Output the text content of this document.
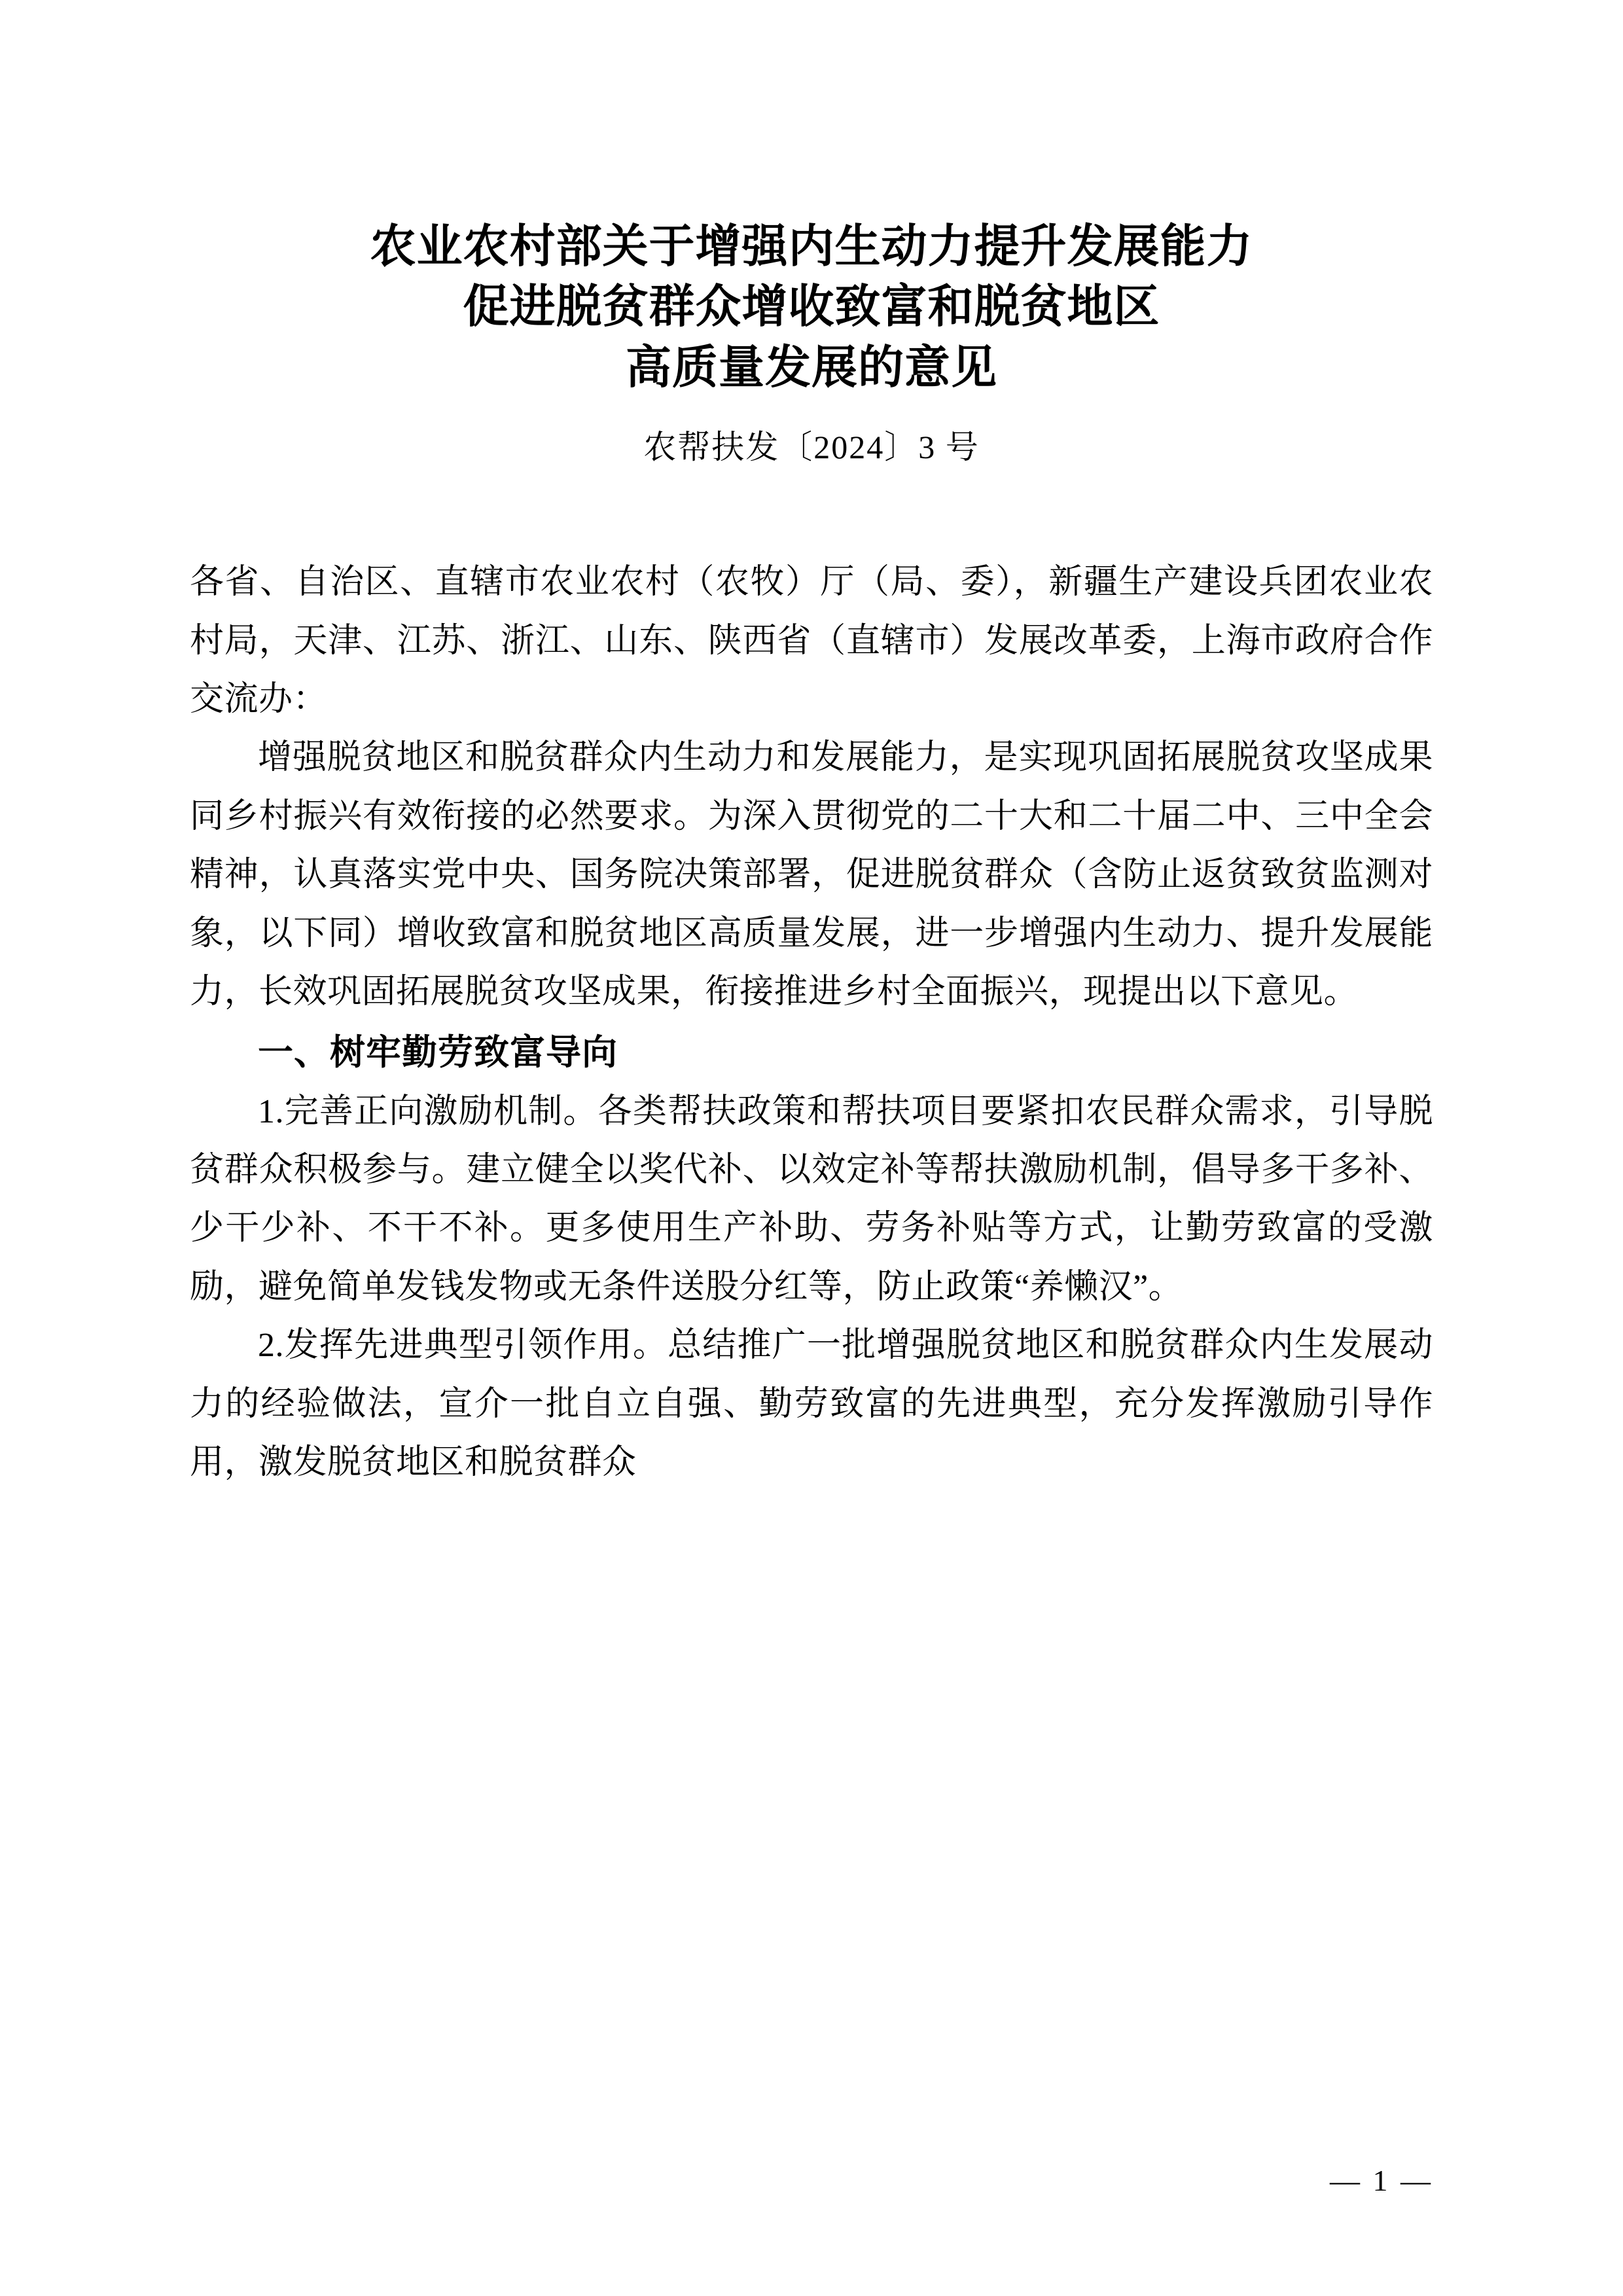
农业农村部关于增强内生动力提升发展能力
促进脱贫群众增收致富和脱贫地区
高质量发展的意见
农帮扶发〔2024〕3 号

各省、自治区、直辖市农业农村（农牧）厅（局、委），新疆生产建设兵团农业农村局，天津、江苏、浙江、山东、陕西省（直辖市）发展改革委，上海市政府合作交流办：

增强脱贫地区和脱贫群众内生动力和发展能力，是实现巩固拓展脱贫攻坚成果同乡村振兴有效衔接的必然要求。为深入贯彻党的二十大和二十届二中、三中全会精神，认真落实党中央、国务院决策部署，促进脱贫群众（含防止返贫致贫监测对象，以下同）增收致富和脱贫地区高质量发展，进一步增强内生动力、提升发展能力，长效巩固拓展脱贫攻坚成果，衔接推进乡村全面振兴，现提出以下意见。

一、树牢勤劳致富导向

1.完善正向激励机制。各类帮扶政策和帮扶项目要紧扣农民群众需求，引导脱贫群众积极参与。建立健全以奖代补、以效定补等帮扶激励机制，倡导多干多补、少干少补、不干不补。更多使用生产补助、劳务补贴等方式，让勤劳致富的受激励，避免简单发钱发物或无条件送股分红等，防止政策“养懒汉”。

2.发挥先进典型引领作用。总结推广一批增强脱贫地区和脱贫群众内生发展动力的经验做法，宣介一批自立自强、勤劳致富的先进典型，充分发挥激励引导作用，激发脱贫地区和脱贫群众

— 1 —
